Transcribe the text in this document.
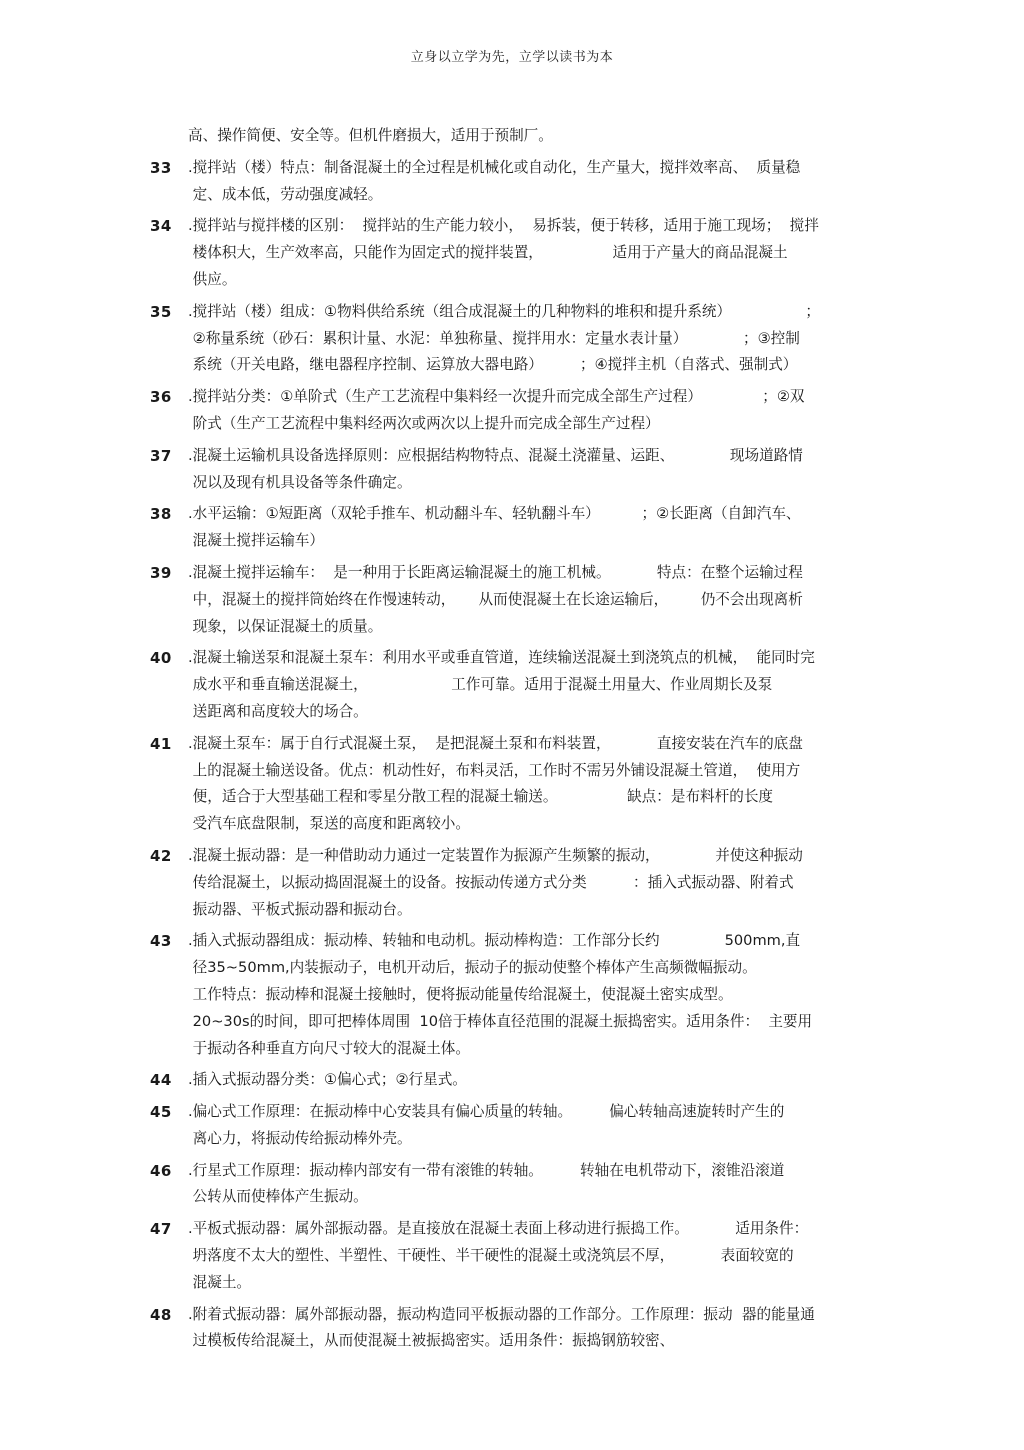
立身以立学为先，立学以读书为本
高、操作简便、安全等。但机件磨损大，适用于预制厂。
33	.搅拌站（楼）特点：制备混凝土的全过程是机械化或自动化，生产量大，搅拌效率高、  质量稳
定、成本低，劳动强度减轻。
34	.搅拌站与搅拌楼的区别：  搅拌站的生产能力较小，  易拆装，便于转移，适用于施工现场；  搅拌
楼体积大，生产效率高，只能作为固定式的搅拌装置，               适用于产量大的商品混凝土
供应。
35	.搅拌站（楼）组成：①物料供给系统（组合成混凝土的几种物料的堆积和提升系统）                ；
②称量系统（砂石：累积计量、水泥：单独称量、搅拌用水：定量水表计量）            ；③控制
系统（开关电路，继电器程序控制、运算放大器电路）        ；④搅拌主机（自落式、强制式）
36	.搅拌站分类：①单阶式（生产工艺流程中集料经一次提升而完成全部生产过程）             ；②双
阶式（生产工艺流程中集料经两次或两次以上提升而完成全部生产过程）
37	.混凝土运输机具设备选择原则：应根据结构物特点、混凝土浇灌量、运距、            现场道路情
况以及现有机具设备等条件确定。
38	.水平运输：①短距离（双轮手推车、机动翻斗车、轻轨翻斗车）         ；②长距离（自卸汽车、
混凝土搅拌运输车）
39	.混凝土搅拌运输车：  是一种用于长距离运输混凝土的施工机械。          特点：在整个运输过程
中，混凝土的搅拌筒始终在作慢速转动，     从而使混凝土在长途运输后，       仍不会出现离析
现象，以保证混凝土的质量。
40	.混凝土输送泵和混凝土泵车：利用水平或垂直管道，连续输送混凝土到浇筑点的机械，  能同时完
成水平和垂直输送混凝土，                  工作可靠。适用于混凝土用量大、作业周期长及泵
送距离和高度较大的场合。
41	.混凝土泵车：属于自行式混凝土泵，  是把混凝土泵和布料装置，          直接安装在汽车的底盘
上的混凝土输送设备。优点：机动性好，布料灵活，工作时不需另外铺设混凝土管道，  使用方
便，适合于大型基础工程和零星分散工程的混凝土输送。               缺点：是布料杆的长度
受汽车底盘限制，泵送的高度和距离较小。
42	.混凝土振动器：是一种借助动力通过一定装置作为振源产生频繁的振动，            并使这种振动
传给混凝土，以振动捣固混凝土的设备。按振动传递方式分类          ：插入式振动器、附着式
振动器、平板式振动器和振动台。
43	.插入式振动器组成：振动棒、转轴和电动机。振动棒构造：工作部分长约              500mm,直
径35~50mm,内装振动子，电机开动后，振动子的振动使整个棒体产生高频微幅振动。
工作特点：振动棒和混凝土接触时，便将振动能量传给混凝土，使混凝土密实成型。
20~30s的时间，即可把棒体周围  10倍于棒体直径范围的混凝土振捣密实。适用条件：  主要用
于振动各种垂直方向尺寸较大的混凝土体。
44	.插入式振动器分类：①偏心式；②行星式。
45	.偏心式工作原理：在振动棒中心安装具有偏心质量的转轴。        偏心转轴高速旋转时产生的
离心力，将振动传给振动棒外壳。
46	.行星式工作原理：振动棒内部安有一带有滚锥的转轴。        转轴在电机带动下，滚锥沿滚道
公转从而使棒体产生振动。
47	.平板式振动器：属外部振动器。是直接放在混凝土表面上移动进行振捣工作。          适用条件：
坍落度不太大的塑性、半塑性、干硬性、半干硬性的混凝土或浇筑层不厚，          表面较宽的
混凝土。
48	.附着式振动器：属外部振动器，振动构造同平板振动器的工作部分。工作原理：振动  器的能量通
过模板传给混凝土，从而使混凝土被振捣密实。适用条件：振捣钢筋较密、
